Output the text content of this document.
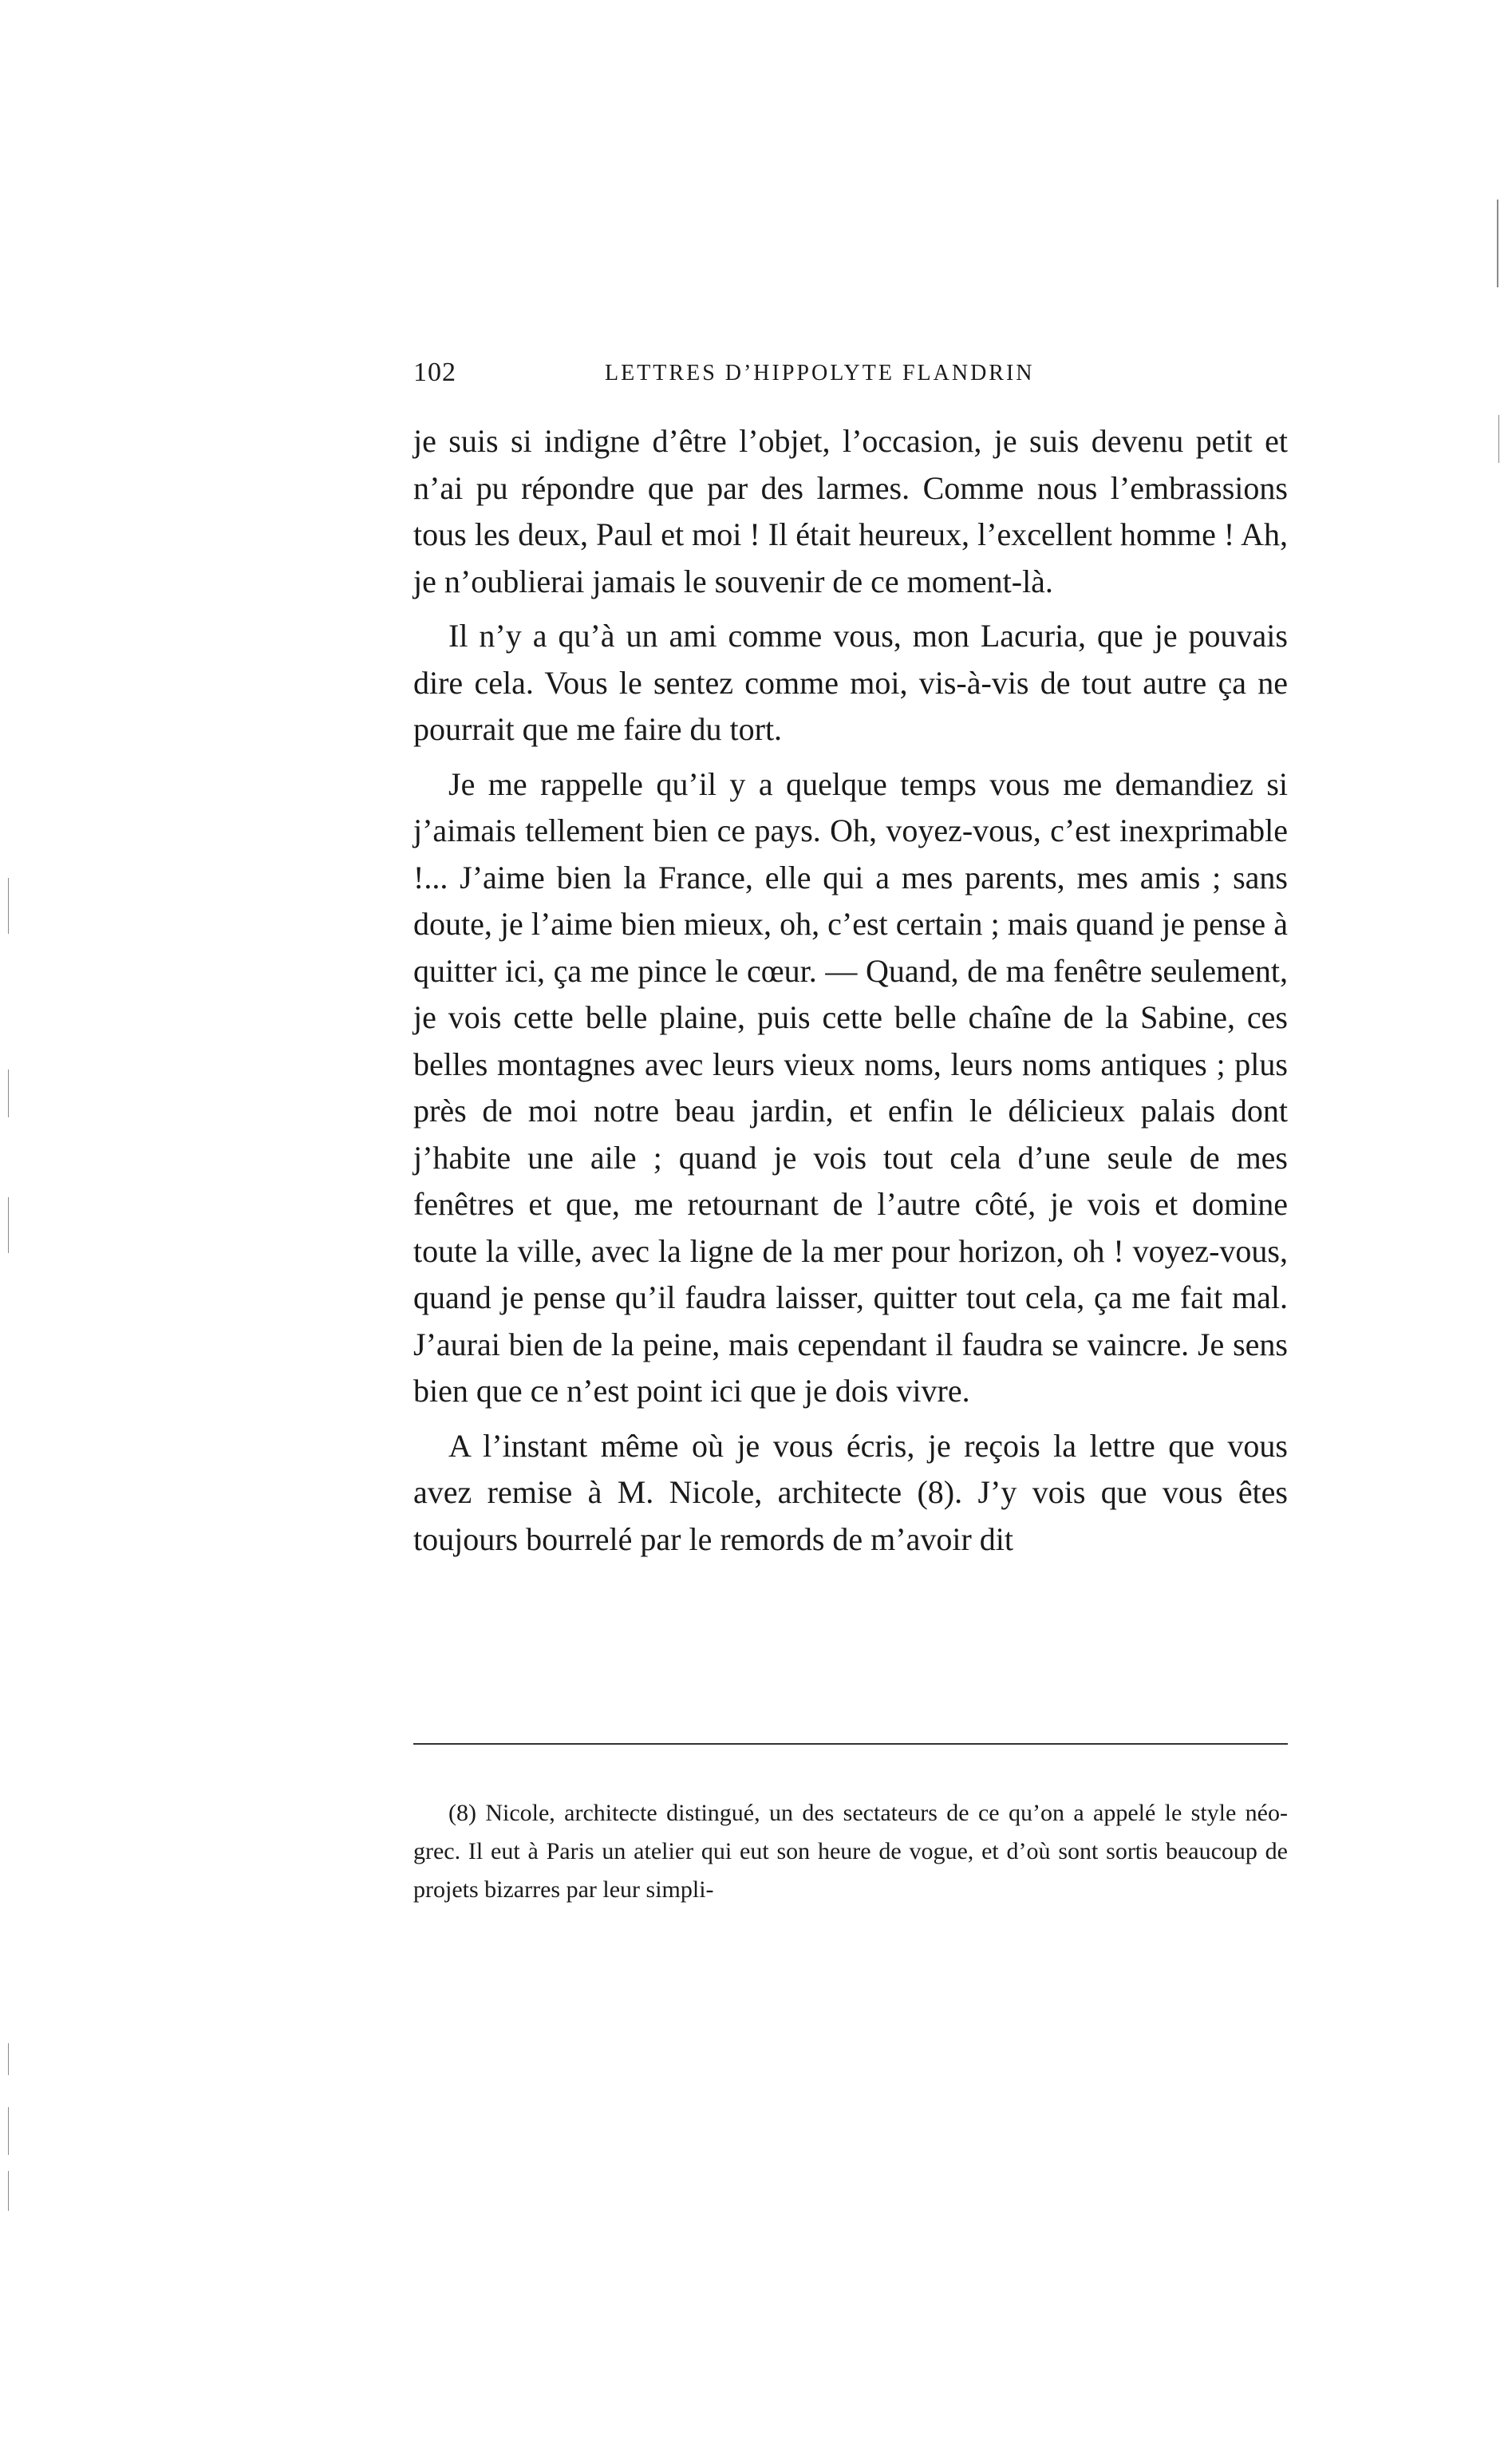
102	LETTRES D’HIPPOLYTE FLANDRIN

je suis si indigne d’être l’objet, l’occasion, je suis devenu petit et n’ai pu répondre que par des larmes. Comme nous l’embrassions tous les deux, Paul et moi ! Il était heureux, l’excellent homme ! Ah, je n’oublierai jamais le souvenir de ce moment-là.

Il n’y a qu’à un ami comme vous, mon Lacuria, que je pouvais dire cela. Vous le sentez comme moi, vis-à-vis de tout autre ça ne pourrait que me faire du tort.

Je me rappelle qu’il y a quelque temps vous me demandiez si j’aimais tellement bien ce pays. Oh, voyez-vous, c’est inexprimable !... J’aime bien la France, elle qui a mes parents, mes amis ; sans doute, je l’aime bien mieux, oh, c’est certain ; mais quand je pense à quitter ici, ça me pince le cœur. — Quand, de ma fenêtre seulement, je vois cette belle plaine, puis cette belle chaîne de la Sabine, ces belles montagnes avec leurs vieux noms, leurs noms antiques ; plus près de moi notre beau jardin, et enfin le délicieux palais dont j’habite une aile ; quand je vois tout cela d’une seule de mes fenêtres et que, me retournant de l’autre côté, je vois et domine toute la ville, avec la ligne de la mer pour horizon, oh ! voyez-vous, quand je pense qu’il faudra laisser, quitter tout cela, ça me fait mal. J’aurai bien de la peine, mais cependant il faudra se vaincre. Je sens bien que ce n’est point ici que je dois vivre.

A l’instant même où je vous écris, je reçois la lettre que vous avez remise à M. Nicole, architecte (8). J’y vois que vous êtes toujours bourrelé par le remords de m’avoir dit

(8) Nicole, architecte distingué, un des sectateurs de ce qu’on a appelé le style néo-grec. Il eut à Paris un atelier qui eut son heure de vogue, et d’où sont sortis beaucoup de projets bizarres par leur simpli-
